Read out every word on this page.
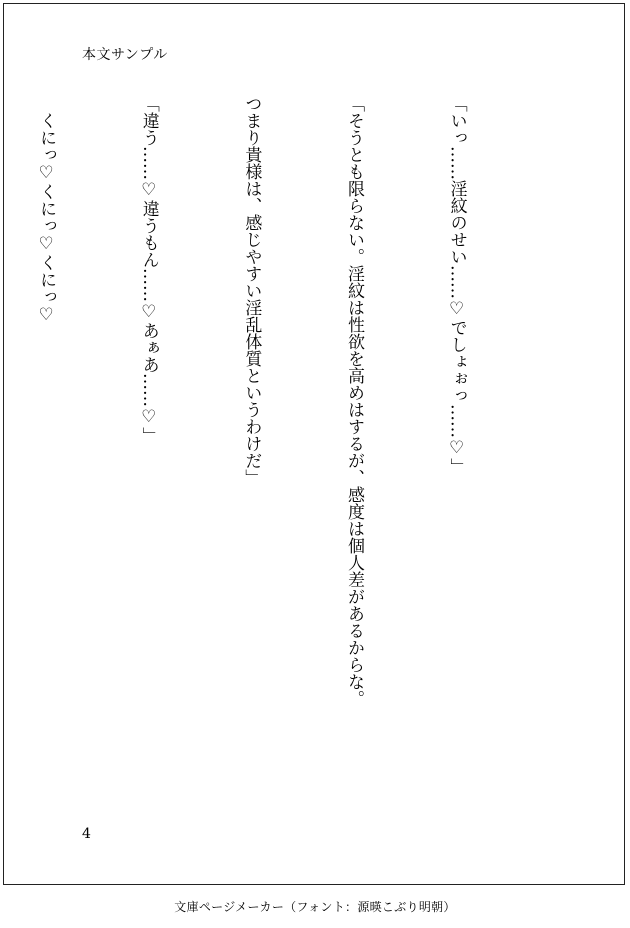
本文サンプル

「いっ……淫紋のせい……♡でしょぉっ……♡」

「そうとも限らない。淫紋は性欲を高めはするが、感度は個人差があるからな。

つまり貴様は、感じやすい淫乱体質というわけだ」

「違う……♡違うもん……♡あぁあ……♡」

　くにっ♡くにっ♡くにっ♡

4
文庫ページメーカー（フォント：源暎こぶり明朝）
